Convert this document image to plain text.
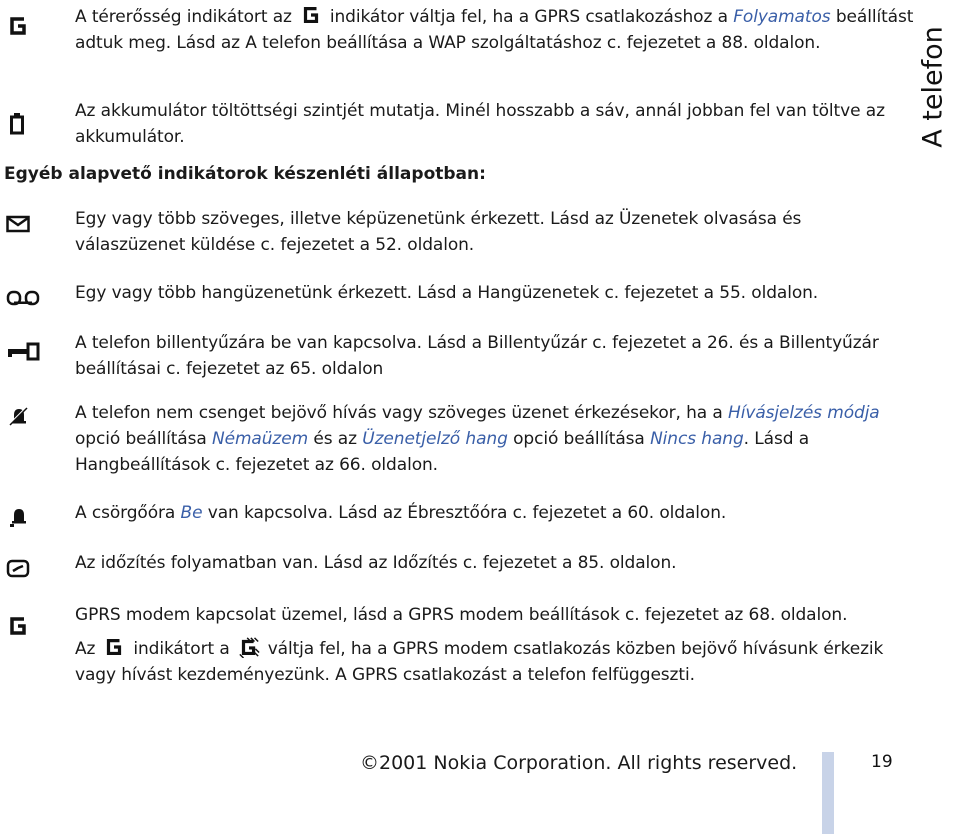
A térerősség indikátort az indikátor váltja fel, ha a GPRS csatlakozáshoz a Folyamatos beállítást adtuk meg. Lásd az A telefon beállítása a WAP szolgáltatáshoz c. fejezetet a 88. oldalon.
Az akkumulátor töltöttségi szintjét mutatja. Minél hosszabb a sáv, annál jobban fel van töltve az akkumulátor.
Egyéb alapvető indikátorok készenléti állapotban:
Egy vagy több szöveges, illetve képüzenetünk érkezett. Lásd az Üzenetek olvasása és válaszüzenet küldése c. fejezetet a 52. oldalon.
Egy vagy több hangüzenetünk érkezett. Lásd a Hangüzenetek c. fejezetet a 55. oldalon.
A telefon billentyűzára be van kapcsolva. Lásd a Billentyűzár c. fejezetet a 26. és a Billentyűzár beállításai c. fejezetet az 65. oldalon
A telefon nem csenget bejövő hívás vagy szöveges üzenet érkezésekor, ha a Hívásjelzés módja opció beállítása Némaüzem és az Üzenetjelző hang opció beállítása Nincs hang. Lásd a Hangbeállítások c. fejezetet az 66. oldalon.
A csörgőóra Be van kapcsolva. Lásd az Ébresztőóra c. fejezetet a 60. oldalon.
Az időzítés folyamatban van. Lásd az Időzítés c. fejezetet a 85. oldalon.
GPRS modem kapcsolat üzemel, lásd a GPRS modem beállítások c. fejezetet az 68. oldalon.
Az indikátort a váltja fel, ha a GPRS modem csatlakozás közben bejövő hívásunk érkezik vagy hívást kezdeményezünk. A GPRS csatlakozást a telefon felfüggeszti.
A telefon
©2001 Nokia Corporation. All rights reserved.	19
